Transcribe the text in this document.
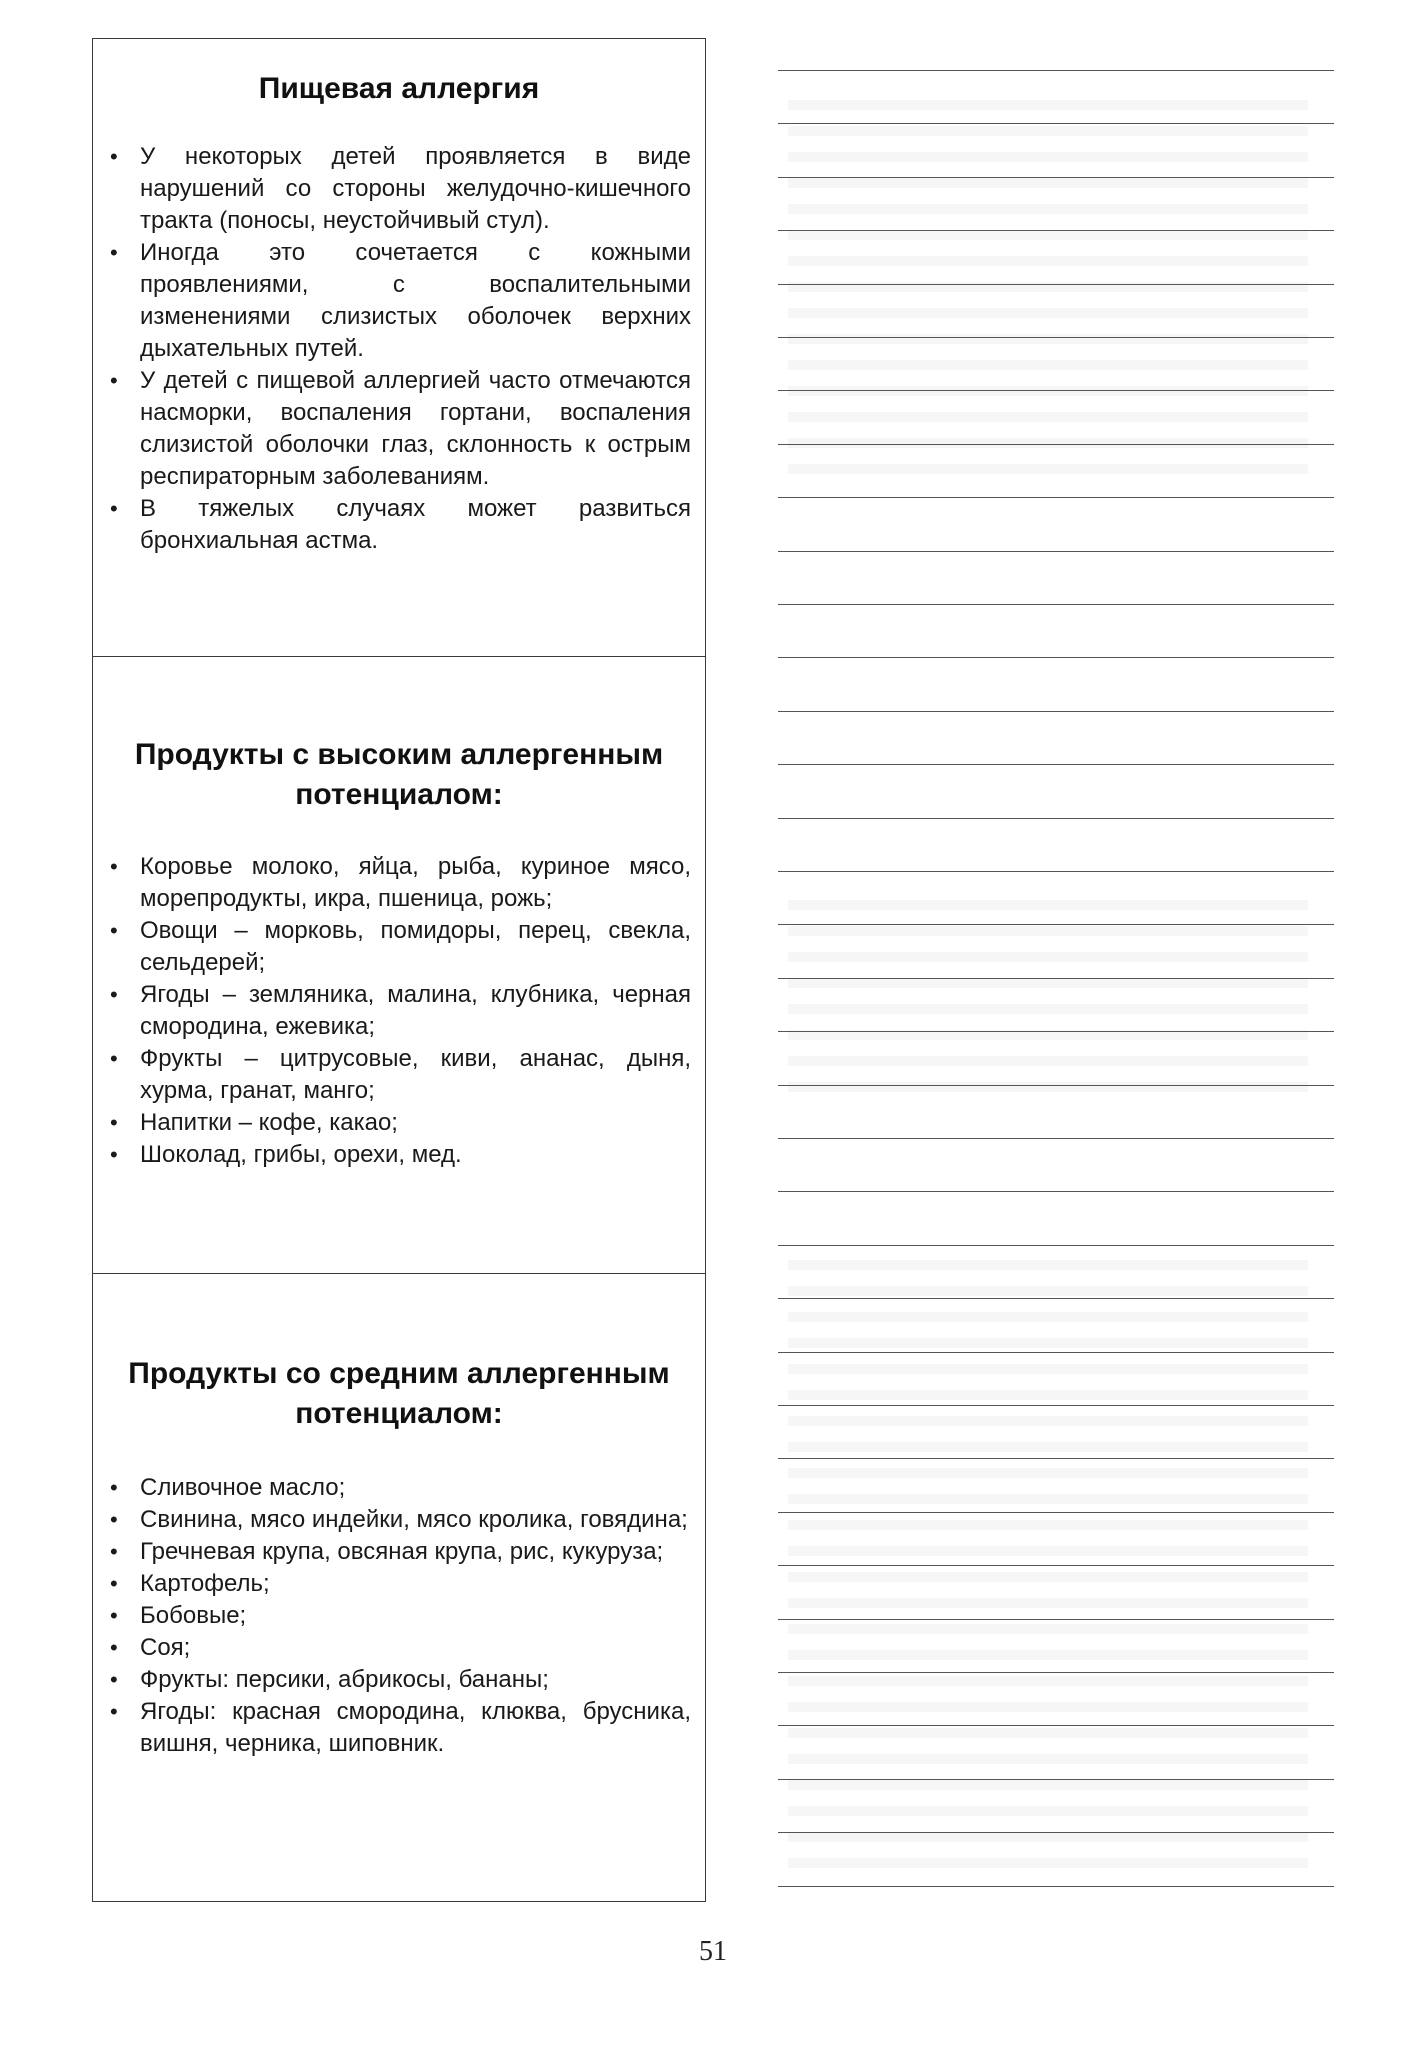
Пищевая аллергия
• У некоторых детей проявляется в виде нарушений со стороны желудочно-кишечного тракта (поносы, неустойчивый стул).
• Иногда это сочетается с кожными проявлениями, с воспалительными изменениями слизистых оболочек верхних дыхательных путей.
• У детей с пищевой аллергией часто отмечаются насморки, воспаления гортани, воспаления слизистой оболочки глаз, склонность к острым респираторным заболеваниям.
• В тяжелых случаях может развиться бронхиальная астма.
Продукты с высоким аллергенным потенциалом:
• Коровье молоко, яйца, рыба, куриное мясо, морепродукты, икра, пшеница, рожь;
• Овощи – морковь, помидоры, перец, свекла, сельдерей;
• Ягоды – земляника, малина, клубника, черная смородина, ежевика;
• Фрукты – цитрусовые, киви, ананас, дыня, хурма, гранат, манго;
• Напитки – кофе, какао;
• Шоколад, грибы, орехи, мед.
Продукты со средним аллергенным потенциалом:
• Сливочное масло;
• Свинина, мясо индейки, мясо кролика, говядина;
• Гречневая крупа, овсяная крупа, рис, кукуруза;
• Картофель;
• Бобовые;
• Соя;
• Фрукты: персики, абрикосы, бананы;
• Ягоды: красная смородина, клюква, брусника, вишня, черника, шиповник.
51
